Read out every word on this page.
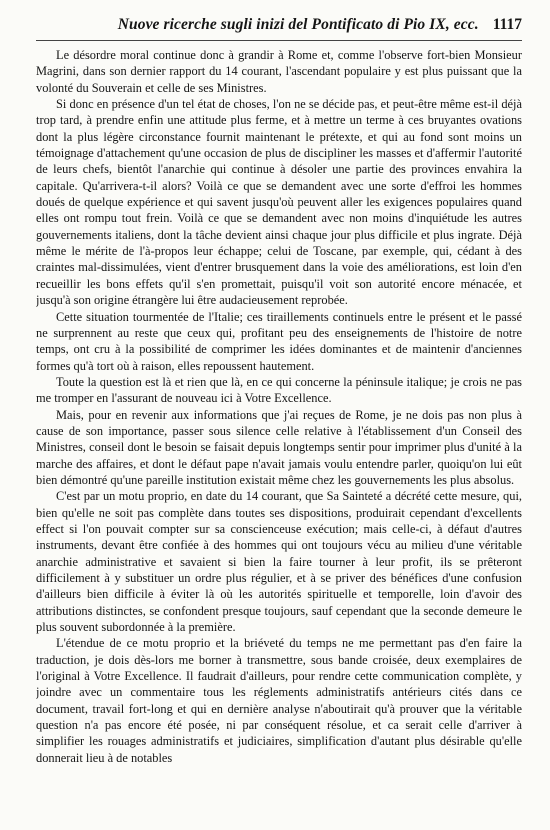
Nuove ricerche sugli inizi del Pontificato di Pio IX, ecc. 1117

Le désordre moral continue donc à grandir à Rome et, comme l'observe fort-bien Monsieur Magrini, dans son dernier rapport du 14 courant, l'ascendant populaire y est plus puissant que la volonté du Souverain et celle de ses Ministres.

Si donc en présence d'un tel état de choses, l'on ne se décide pas, et peut-être même est-il déjà trop tard, à prendre enfin une attitude plus ferme, et à mettre un terme à ces bruyantes ovations dont la plus légère circonstance fournit maintenant le prétexte, et qui au fond sont moins un témoignage d'attachement qu'une occasion de plus de discipliner les masses et d'affermir l'autorité de leurs chefs, bientôt l'anarchie qui continue à désoler une partie des provinces envahira la capitale. Qu'arrivera-t-il alors? Voilà ce que se demandent avec une sorte d'effroi les hommes doués de quelque expérience et qui savent jusqu'où peuvent aller les exigences populaires quand elles ont rompu tout frein. Voilà ce que se demandent avec non moins d'inquiétude les autres gouvernements italiens, dont la tâche devient ainsi chaque jour plus difficile et plus ingrate. Déjà même le mérite de l'à-propos leur échappe; celui de Toscane, par exemple, qui, cédant à des craintes mal-dissimulées, vient d'entrer brusquement dans la voie des améliorations, est loin d'en recueillir les bons effets qu'il s'en promettait, puisqu'il voit son autorité encore ménacée, et jusqu'à son origine étrangère lui être audacieusement reprobée.

Cette situation tourmentée de l'Italie; ces tiraillements continuels entre le présent et le passé ne surprennent au reste que ceux qui, profitant peu des enseignements de l'histoire de notre temps, ont cru à la possibilité de comprimer les idées dominantes et de maintenir d'anciennes formes qu'à tort où à raison, elles repoussent hautement.

Toute la question est là et rien que là, en ce qui concerne la péninsule italique; je crois ne pas me tromper en l'assurant de nouveau ici à Votre Excellence.

Mais, pour en revenir aux informations que j'ai reçues de Rome, je ne dois pas non plus à cause de son importance, passer sous silence celle relative à l'établissement d'un Conseil des Ministres, conseil dont le besoin se faisait depuis longtemps sentir pour imprimer plus d'unité à la marche des affaires, et dont le défaut pape n'avait jamais voulu entendre parler, quoiqu'on lui eût bien démontré qu'une pareille institution existait même chez les gouvernements les plus absolus.

C'est par un motu proprio, en date du 14 courant, que Sa Sainteté a décrété cette mesure, qui, bien qu'elle ne soit pas complète dans toutes ses dispositions, produirait cependant d'excellents effect si l'on pouvait compter sur sa conscienceuse exécution; mais celle-ci, à défaut d'autres instruments, devant être confiée à des hommes qui ont toujours vécu au milieu d'une véritable anarchie administrative et savaient si bien la faire tourner à leur profit, ils se prêteront difficilement à y substituer un ordre plus régulier, et à se priver des bénéfices d'une confusion d'ailleurs bien difficile à éviter là où les autorités spirituelle et temporelle, loin d'avoir des attributions distinctes, se confondent presque toujours, sauf cependant que la seconde demeure le plus souvent subordonnée à la première.

L'étendue de ce motu proprio et la briéveté du temps ne me permettant pas d'en faire la traduction, je dois dès-lors me borner à transmettre, sous bande croisée, deux exemplaires de l'original à Votre Excellence. Il faudrait d'ailleurs, pour rendre cette communication complète, y joindre avec un commentaire tous les réglements administratifs antérieurs cités dans ce document, travail fort-long et qui en dernière analyse n'aboutirait qu'à prouver que la véritable question n'a pas encore été posée, ni par conséquent résolue, et ca serait celle d'arriver à simplifier les rouages administratifs et judiciaires, simplification d'autant plus désirable qu'elle donnerait lieu à de notables
